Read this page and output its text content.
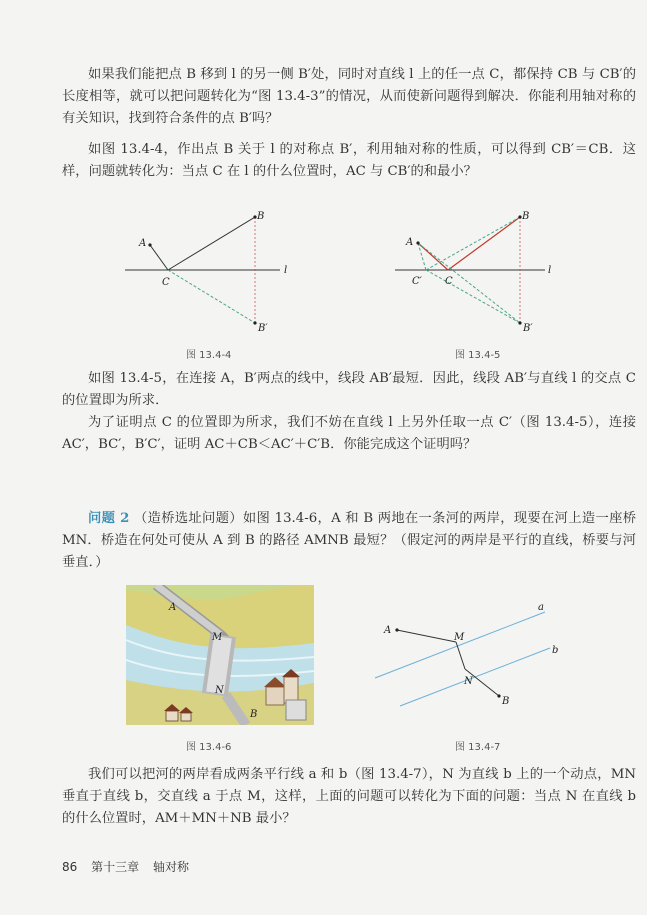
如果我们能把点 B 移到 l 的另一侧 B′处，同时对直线 l 上的任一点 C，都保持 CB 与 CB′的长度相等，就可以把问题转化为“图 13.4-3”的情况，从而使新问题得到解决．你能利用轴对称的有关知识，找到符合条件的点 B′吗？

如图 13.4-4，作出点 B 关于 l 的对称点 B′，利用轴对称的性质，可以得到 CB′＝CB．这样，问题就转化为：当点 C 在 l 的什么位置时，AC 与 CB′的和最小？

A
B
C
B′
l
图 13.4-4
A
B
C
C′
B′
l
图 13.4-5

如图 13.4-5，在连接 A，B′两点的线中，线段 AB′最短．因此，线段 AB′与直线 l 的交点 C 的位置即为所求．

为了证明点 C 的位置即为所求，我们不妨在直线 l 上另外任取一点 C′（图 13.4-5），连接 AC′，BC′，B′C′，证明 AC＋CB＜AC′＋C′B．你能完成这个证明吗？

问题 2 （造桥选址问题）如图 13.4-6，A 和 B 两地在一条河的两岸，现要在河上造一座桥 MN．桥造在何处可使从 A 到 B 的路径 AMNB 最短？（假定河的两岸是平行的直线，桥要与河垂直．）

A
M
N
B
图 13.4-6
A
M
N
B
a
b
图 13.4-7

我们可以把河的两岸看成两条平行线 a 和 b（图 13.4-7），N 为直线 b 上的一个动点，MN 垂直于直线 b，交直线 a 于点 M，这样，上面的问题可以转化为下面的问题：当点 N 在直线 b 的什么位置时，AM＋MN＋NB 最小？

86 第十三章 轴对称
